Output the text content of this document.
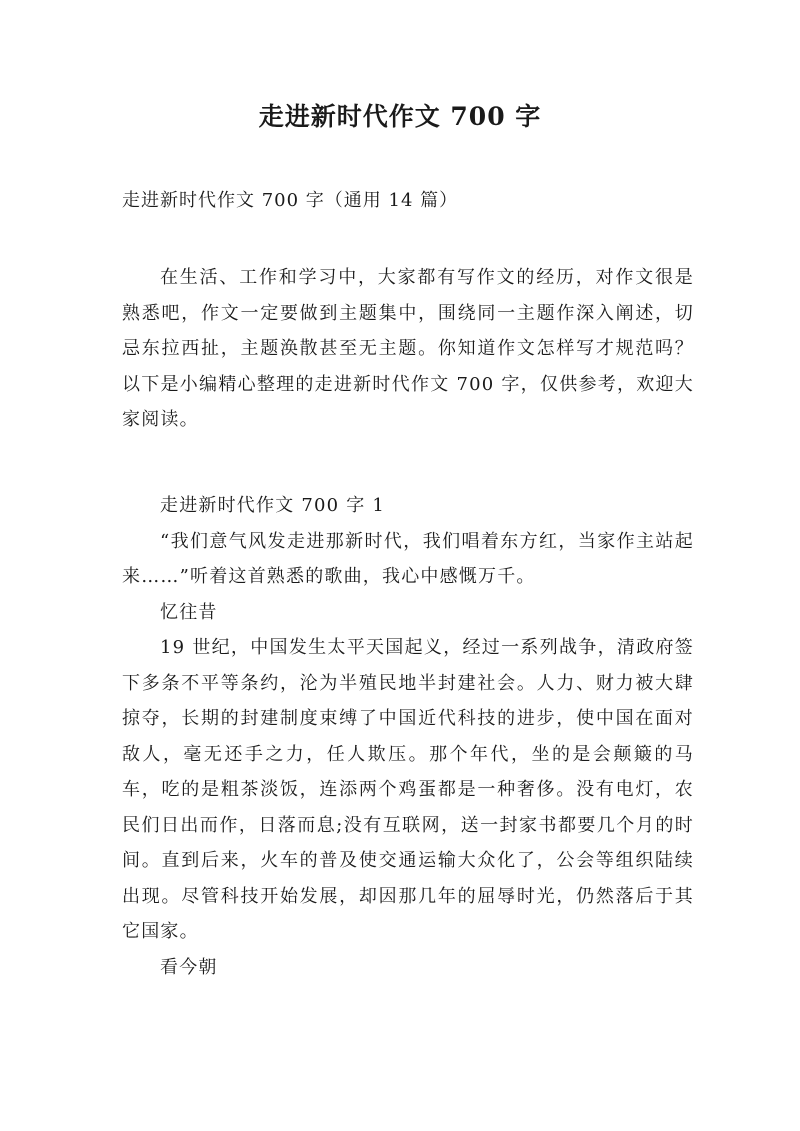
走进新时代作文 700 字
走进新时代作文 700 字（通用 14 篇）

在生活、工作和学习中，大家都有写作文的经历，对作文很是熟悉吧，作文一定要做到主题集中，围绕同一主题作深入阐述，切忌东拉西扯，主题涣散甚至无主题。你知道作文怎样写才规范吗？以下是小编精心整理的走进新时代作文 700 字，仅供参考，欢迎大家阅读。

走进新时代作文 700 字 1

“我们意气风发走进那新时代，我们唱着东方红，当家作主站起来……”听着这首熟悉的歌曲，我心中感慨万千。

忆往昔

19 世纪，中国发生太平天国起义，经过一系列战争，清政府签下多条不平等条约，沦为半殖民地半封建社会。人力、财力被大肆掠夺，长期的封建制度束缚了中国近代科技的进步，使中国在面对敌人，毫无还手之力，任人欺压。那个年代，坐的是会颠簸的马车，吃的是粗茶淡饭，连添两个鸡蛋都是一种奢侈。没有电灯，农民们日出而作，日落而息;没有互联网，送一封家书都要几个月的时间。直到后来，火车的普及使交通运输大众化了，公会等组织陆续出现。尽管科技开始发展，却因那几年的屈辱时光，仍然落后于其它国家。

看今朝
